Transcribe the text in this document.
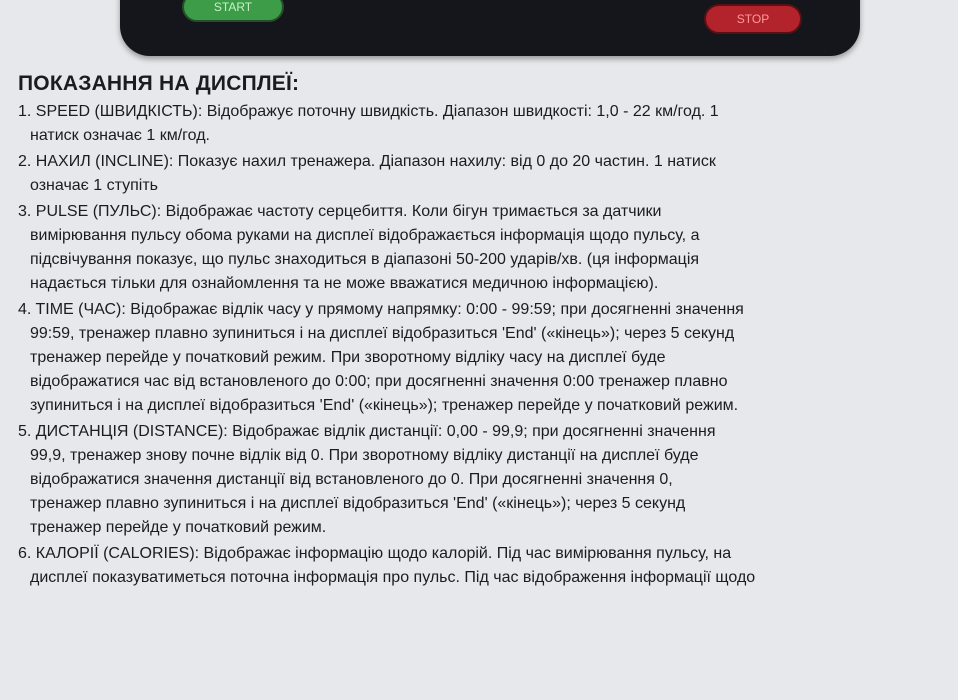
START
STOP
ПОКАЗАННЯ НА ДИСПЛЕЇ:
1. SPEED (ШВИДКІСТЬ): Відображує поточну швидкість. Діапазон швидкості: 1,0 - 22 км/год. 1
натиск означає 1 км/год.
2. НАХИЛ (INCLINE): Показує нахил тренажера. Діапазон нахилу: від 0 до 20 частин. 1 натиск
означає 1 ступіть
3. PULSE (ПУЛЬС): Відображає частоту серцебиття. Коли бігун тримається за датчики
вимірювання пульсу обома руками на дисплеї відображається інформація щодо пульсу, а
підсвічування показує, що пульс знаходиться в діапазоні 50-200 ударів/хв. (ця інформація
надається тільки для ознайомлення та не може вважатися медичною інформацією).
4. TIME (ЧАС): Відображає відлік часу у прямому напрямку: 0:00 - 99:59; при досягненні значення
99:59, тренажер плавно зупиниться і на дисплеї відобразиться 'End' («кінець»); через 5 секунд
тренажер перейде у початковий режим. При зворотному відліку часу на дисплеї буде
відображатися час від встановленого до 0:00; при досягненні значення 0:00 тренажер плавно
зупиниться і на дисплеї відобразиться 'End' («кінець»); тренажер перейде у початковий режим.
5. ДИСТАНЦІЯ (DISTANCE): Відображає відлік дистанції: 0,00 - 99,9; при досягненні значення
99,9, тренажер знову почне відлік від 0. При зворотному відліку дистанції на дисплеї буде
відображатися значення дистанції від встановленого до 0. При досягненні значення 0,
тренажер плавно зупиниться і на дисплеї відобразиться 'End' («кінець»); через 5 секунд
тренажер перейде у початковий режим.
6. КАЛОРІЇ (CALORIES): Відображає інформацію щодо калорій. Під час вимірювання пульсу, на
дисплеї показуватиметься поточна інформація про пульс. Під час відображення інформації щодо
